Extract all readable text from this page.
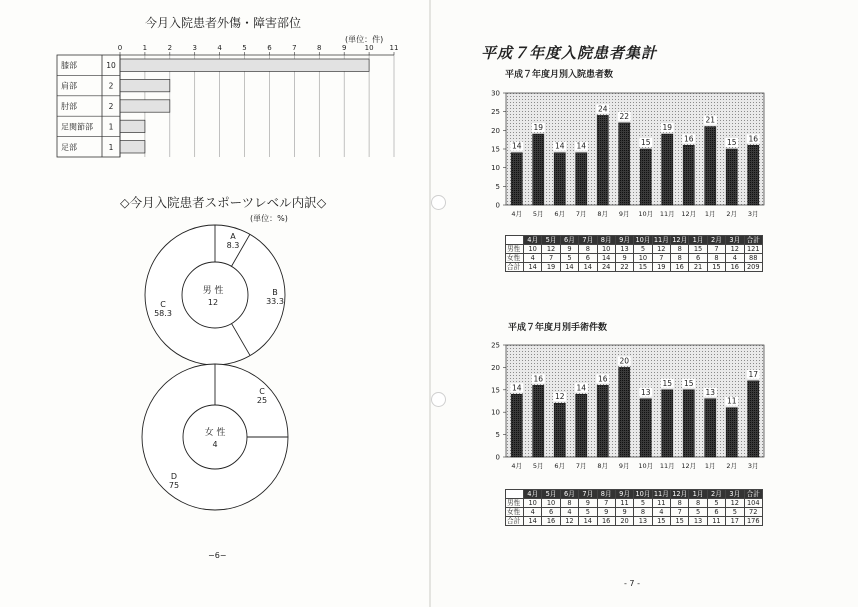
今月入院患者外傷・障害部位
(単位：件)
0	1	2	3	4	5	6	7	8	9	10 11
膝部	10
肩部	2
肘部	2
足関節部 1
足部	1
◇今月入院患者スポーツレベル内訳◇
(単位：%)
A
8.3
B
33.3
C
58.3
男 性
12
C
25
D
75
女 性
4
−6−
平成７年度入院患者集計
平成７年度月別入院患者数
0
5
10
15
20
25
30
14
4月
19
5月
14
6月
14
7月
24
8月
22
9月
15
10月
19
11月
16
12月
21
1月
15
2月
16
3月
	4月	5月	6月	7月	8月	9月	10月	11月	12月	1月	2月	3月	合計
男性	10	12	9	8	10	13	5	12	8	15	7	12	121
女性	4	7	5	6	14	9	10	7	8	6	8	4	88
合計	14	19	14	14	24	22	15	19	16	21	15	16	209
平成７年度月別手術件数
0
5
10
15
20
25
14
4月
16
5月
12
6月
14
7月
16
8月
20
9月
13
10月
15
11月
15
12月
13
1月
11
2月
17
3月
	4月	5月	6月	7月	8月	9月	10月	11月	12月	1月	2月	3月	合計
男性	10	10	8	9	7	11	5	11	8	8	5	12	104
女性	4	6	4	5	9	9	8	4	7	5	6	5	72
合計	14	16	12	14	16	20	13	15	15	13	11	17	176
- 7 -
